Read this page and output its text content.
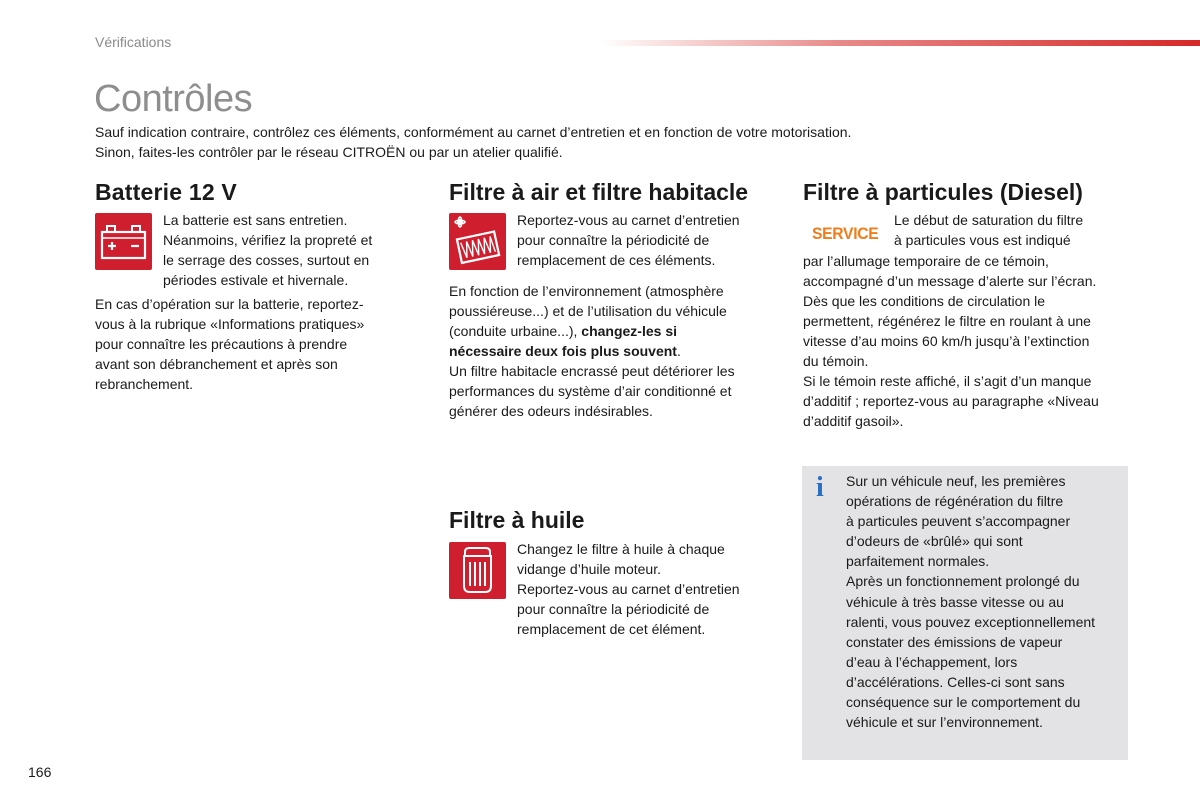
Vérifications
Contrôles

Sauf indication contraire, contrôlez ces éléments, conformément au carnet d’entretien et en fonction de votre motorisation.

Sinon, faites-les contrôler par le réseau CITROËN ou par un atelier qualifié.

Batterie 12 V
La batterie est sans entretien.
Néanmoins, vérifiez la propreté et
le serrage des cosses, surtout en
périodes estivale et hivernale.
En cas d’opération sur la batterie, reportez-
vous à la rubrique «Informations pratiques»
pour connaître les précautions à prendre
avant son débranchement et après son
rebranchement.
Filtre à air et filtre habitacle
Reportez-vous au carnet d’entretien
pour connaître la périodicité de
remplacement de ces éléments.
En fonction de l’environnement (atmosphère
poussiéreuse...) et de l’utilisation du véhicule
(conduite urbaine...), changez-les si
nécessaire deux fois plus souvent.
Un filtre habitacle encrassé peut détériorer les
performances du système d’air conditionné et
générer des odeurs indésirables.
Filtre à huile
Changez le filtre à huile à chaque
vidange d’huile moteur.
Reportez-vous au carnet d’entretien
pour connaître la périodicité de
remplacement de cet élément.
Filtre à particules (Diesel)
SERVICE
Le début de saturation du filtre
à particules vous est indiqué
par l’allumage temporaire de ce témoin,
accompagné d’un message d’alerte sur l’écran.
Dès que les conditions de circulation le
permettent, régénérez le filtre en roulant à une
vitesse d’au moins 60 km/h jusqu’à l’extinction
du témoin.
Si le témoin reste affiché, il s’agit d’un manque
d’additif ; reportez-vous au paragraphe «Niveau
d’additif gasoil».
i Sur un véhicule neuf, les premières
opérations de régénération du filtre
à particules peuvent s’accompagner
d’odeurs de «brûlé» qui sont
parfaitement normales.
Après un fonctionnement prolongé du
véhicule à très basse vitesse ou au
ralenti, vous pouvez exceptionnellement
constater des émissions de vapeur
d’eau à l’échappement, lors
d’accélérations. Celles-ci sont sans
conséquence sur le comportement du
véhicule et sur l’environnement.
166
